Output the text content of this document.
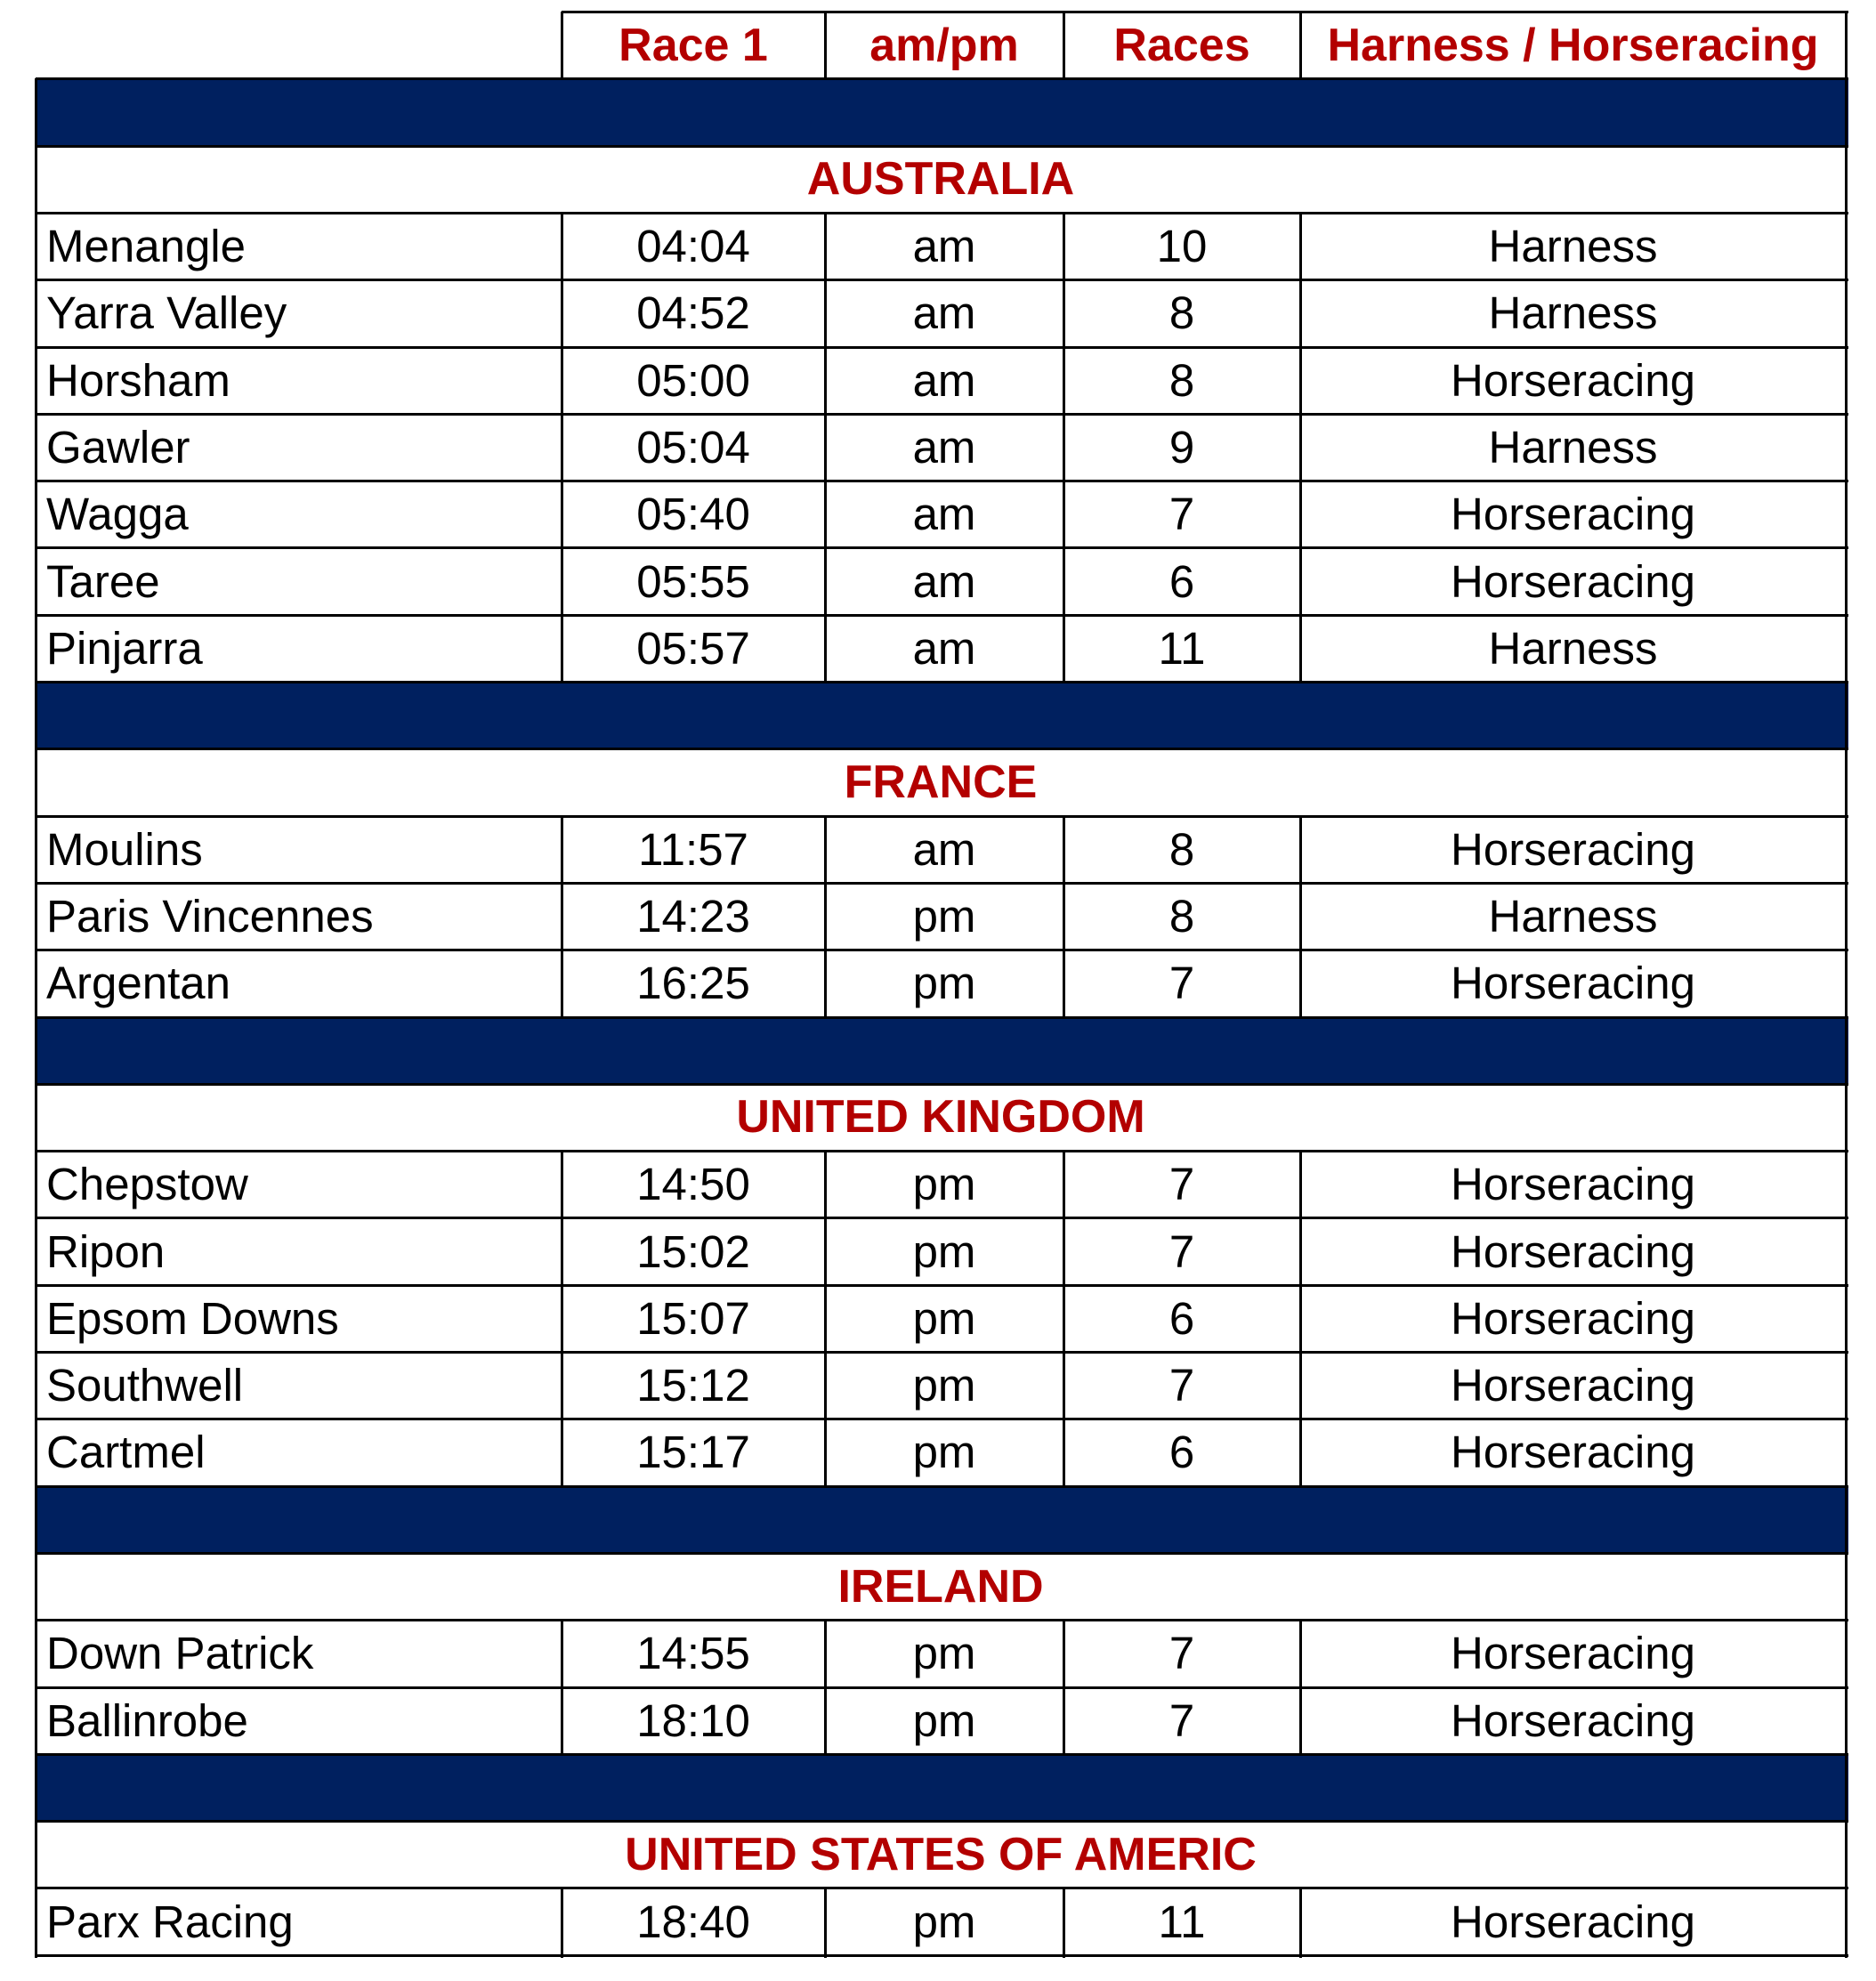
Race 1	am/pm	Races	Harness / Horseracing
AUSTRALIA
Menangle	04:04	am	10	Harness
Yarra Valley	04:52	am	8	Harness
Horsham	05:00	am	8	Horseracing
Gawler	05:04	am	9	Harness
Wagga	05:40	am	7	Horseracing
Taree	05:55	am	6	Horseracing
Pinjarra	05:57	am	11	Harness
FRANCE
Moulins	11:57	am	8	Horseracing
Paris Vincennes	14:23	pm	8	Harness
Argentan	16:25	pm	7	Horseracing
UNITED KINGDOM
Chepstow	14:50	pm	7	Horseracing
Ripon	15:02	pm	7	Horseracing
Epsom Downs	15:07	pm	6	Horseracing
Southwell	15:12	pm	7	Horseracing
Cartmel	15:17	pm	6	Horseracing
IRELAND
Down Patrick	14:55	pm	7	Horseracing
Ballinrobe	18:10	pm	7	Horseracing
UNITED STATES OF AMERIC
Parx Racing	18:40	pm	11	Horseracing
